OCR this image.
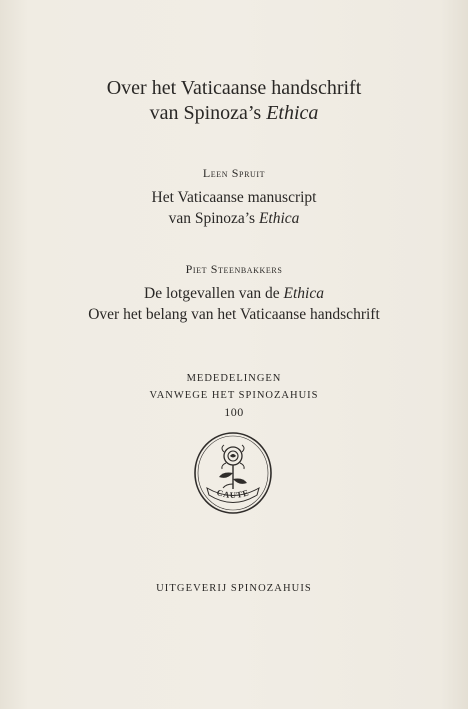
Over het Vaticaanse handschrift
van Spinoza’s Ethica
Leen Spruit
Het Vaticaanse manuscript
van Spinoza’s Ethica
Piet Steenbakkers
De lotgevallen van de Ethica
Over het belang van het Vaticaanse handschrift
MEDEDELINGEN
VANWEGE HET SPINOZAHUIS
100
CAUTE
UITGEVERIJ SPINOZAHUIS
